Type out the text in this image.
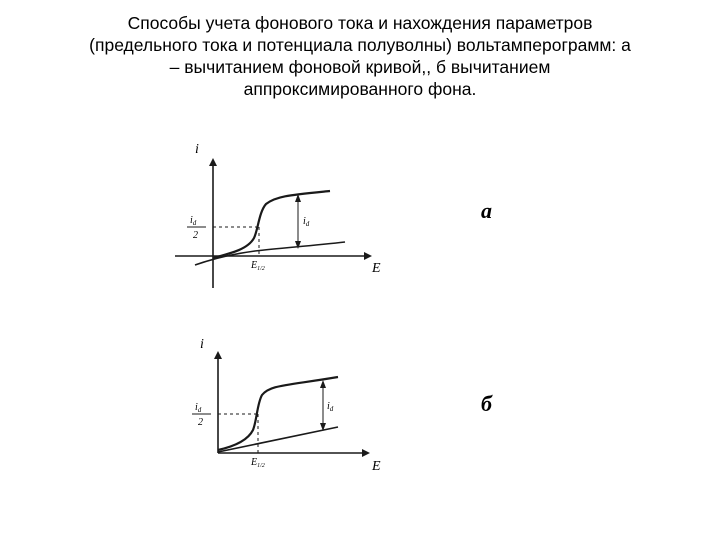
Способы учета фонового тока и нахождения параметров
(предельного тока и потенциала полуволны) вольтамперограмм: а
– вычитанием фоновой кривой,, б вычитанием
аппроксимированного фона.
i
E
$i_d$
2
$i_d$
$E_{1/2}$
а
i
E
$i_d$
2
$i_d$
$E_{1/2}$
б
